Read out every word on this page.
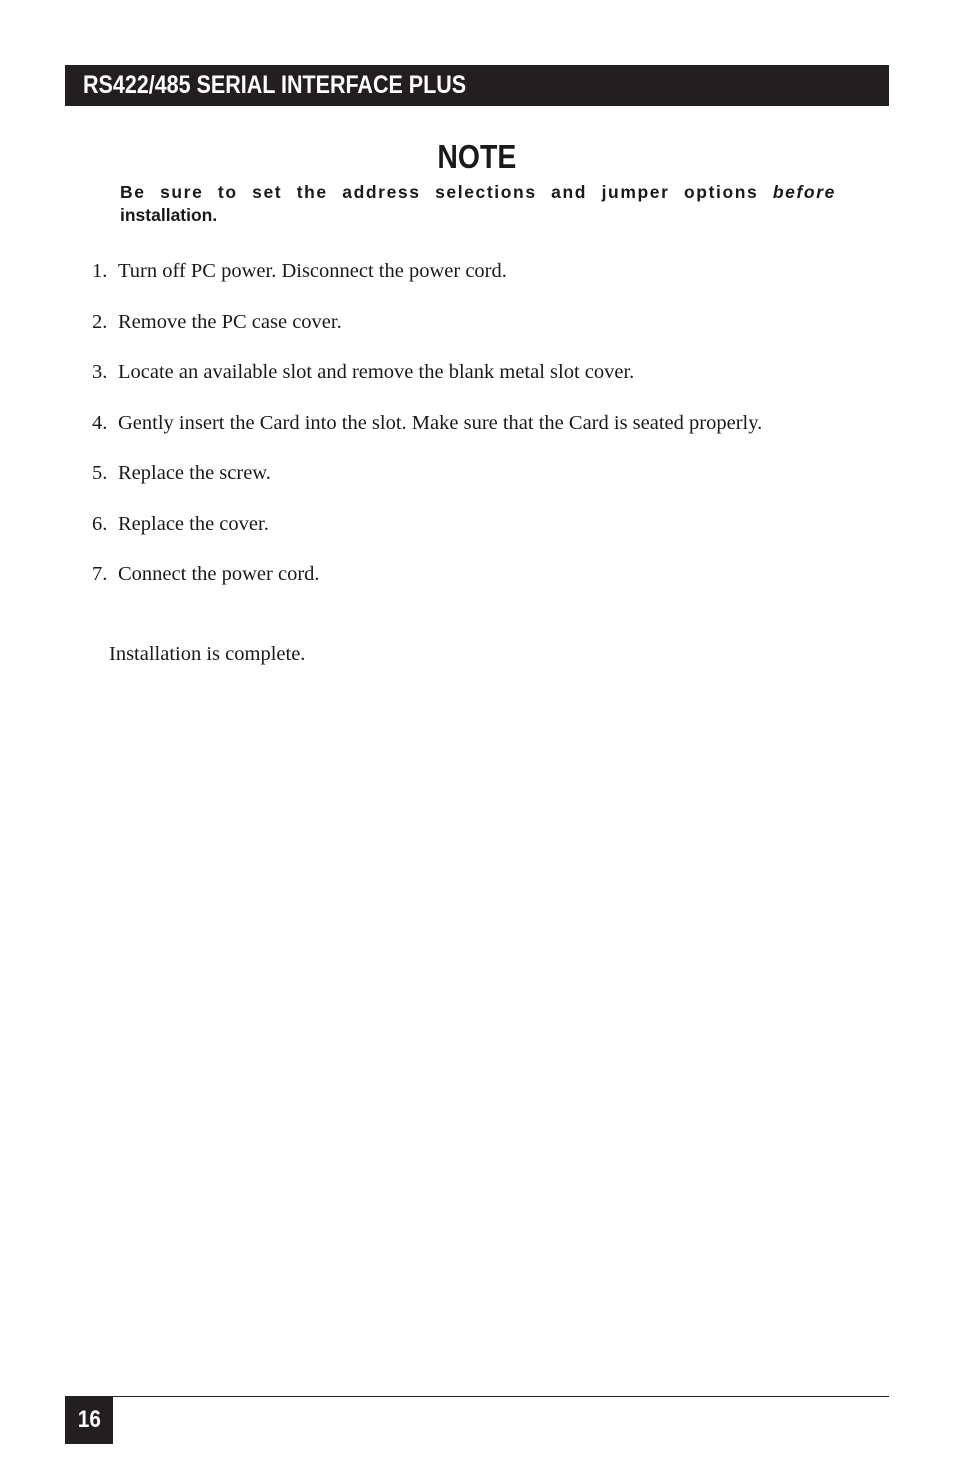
RS422/485 SERIAL INTERFACE PLUS
NOTE
Be sure to set the address selections and jumper options before
installation.
1. Turn off PC power. Disconnect the power cord.
2. Remove the PC case cover.
3. Locate an available slot and remove the blank metal slot cover.
4. Gently insert the Card into the slot. Make sure that the Card is seated properly.
5. Replace the screw.
6. Replace the cover.
7. Connect the power cord.
Installation is complete.
16
